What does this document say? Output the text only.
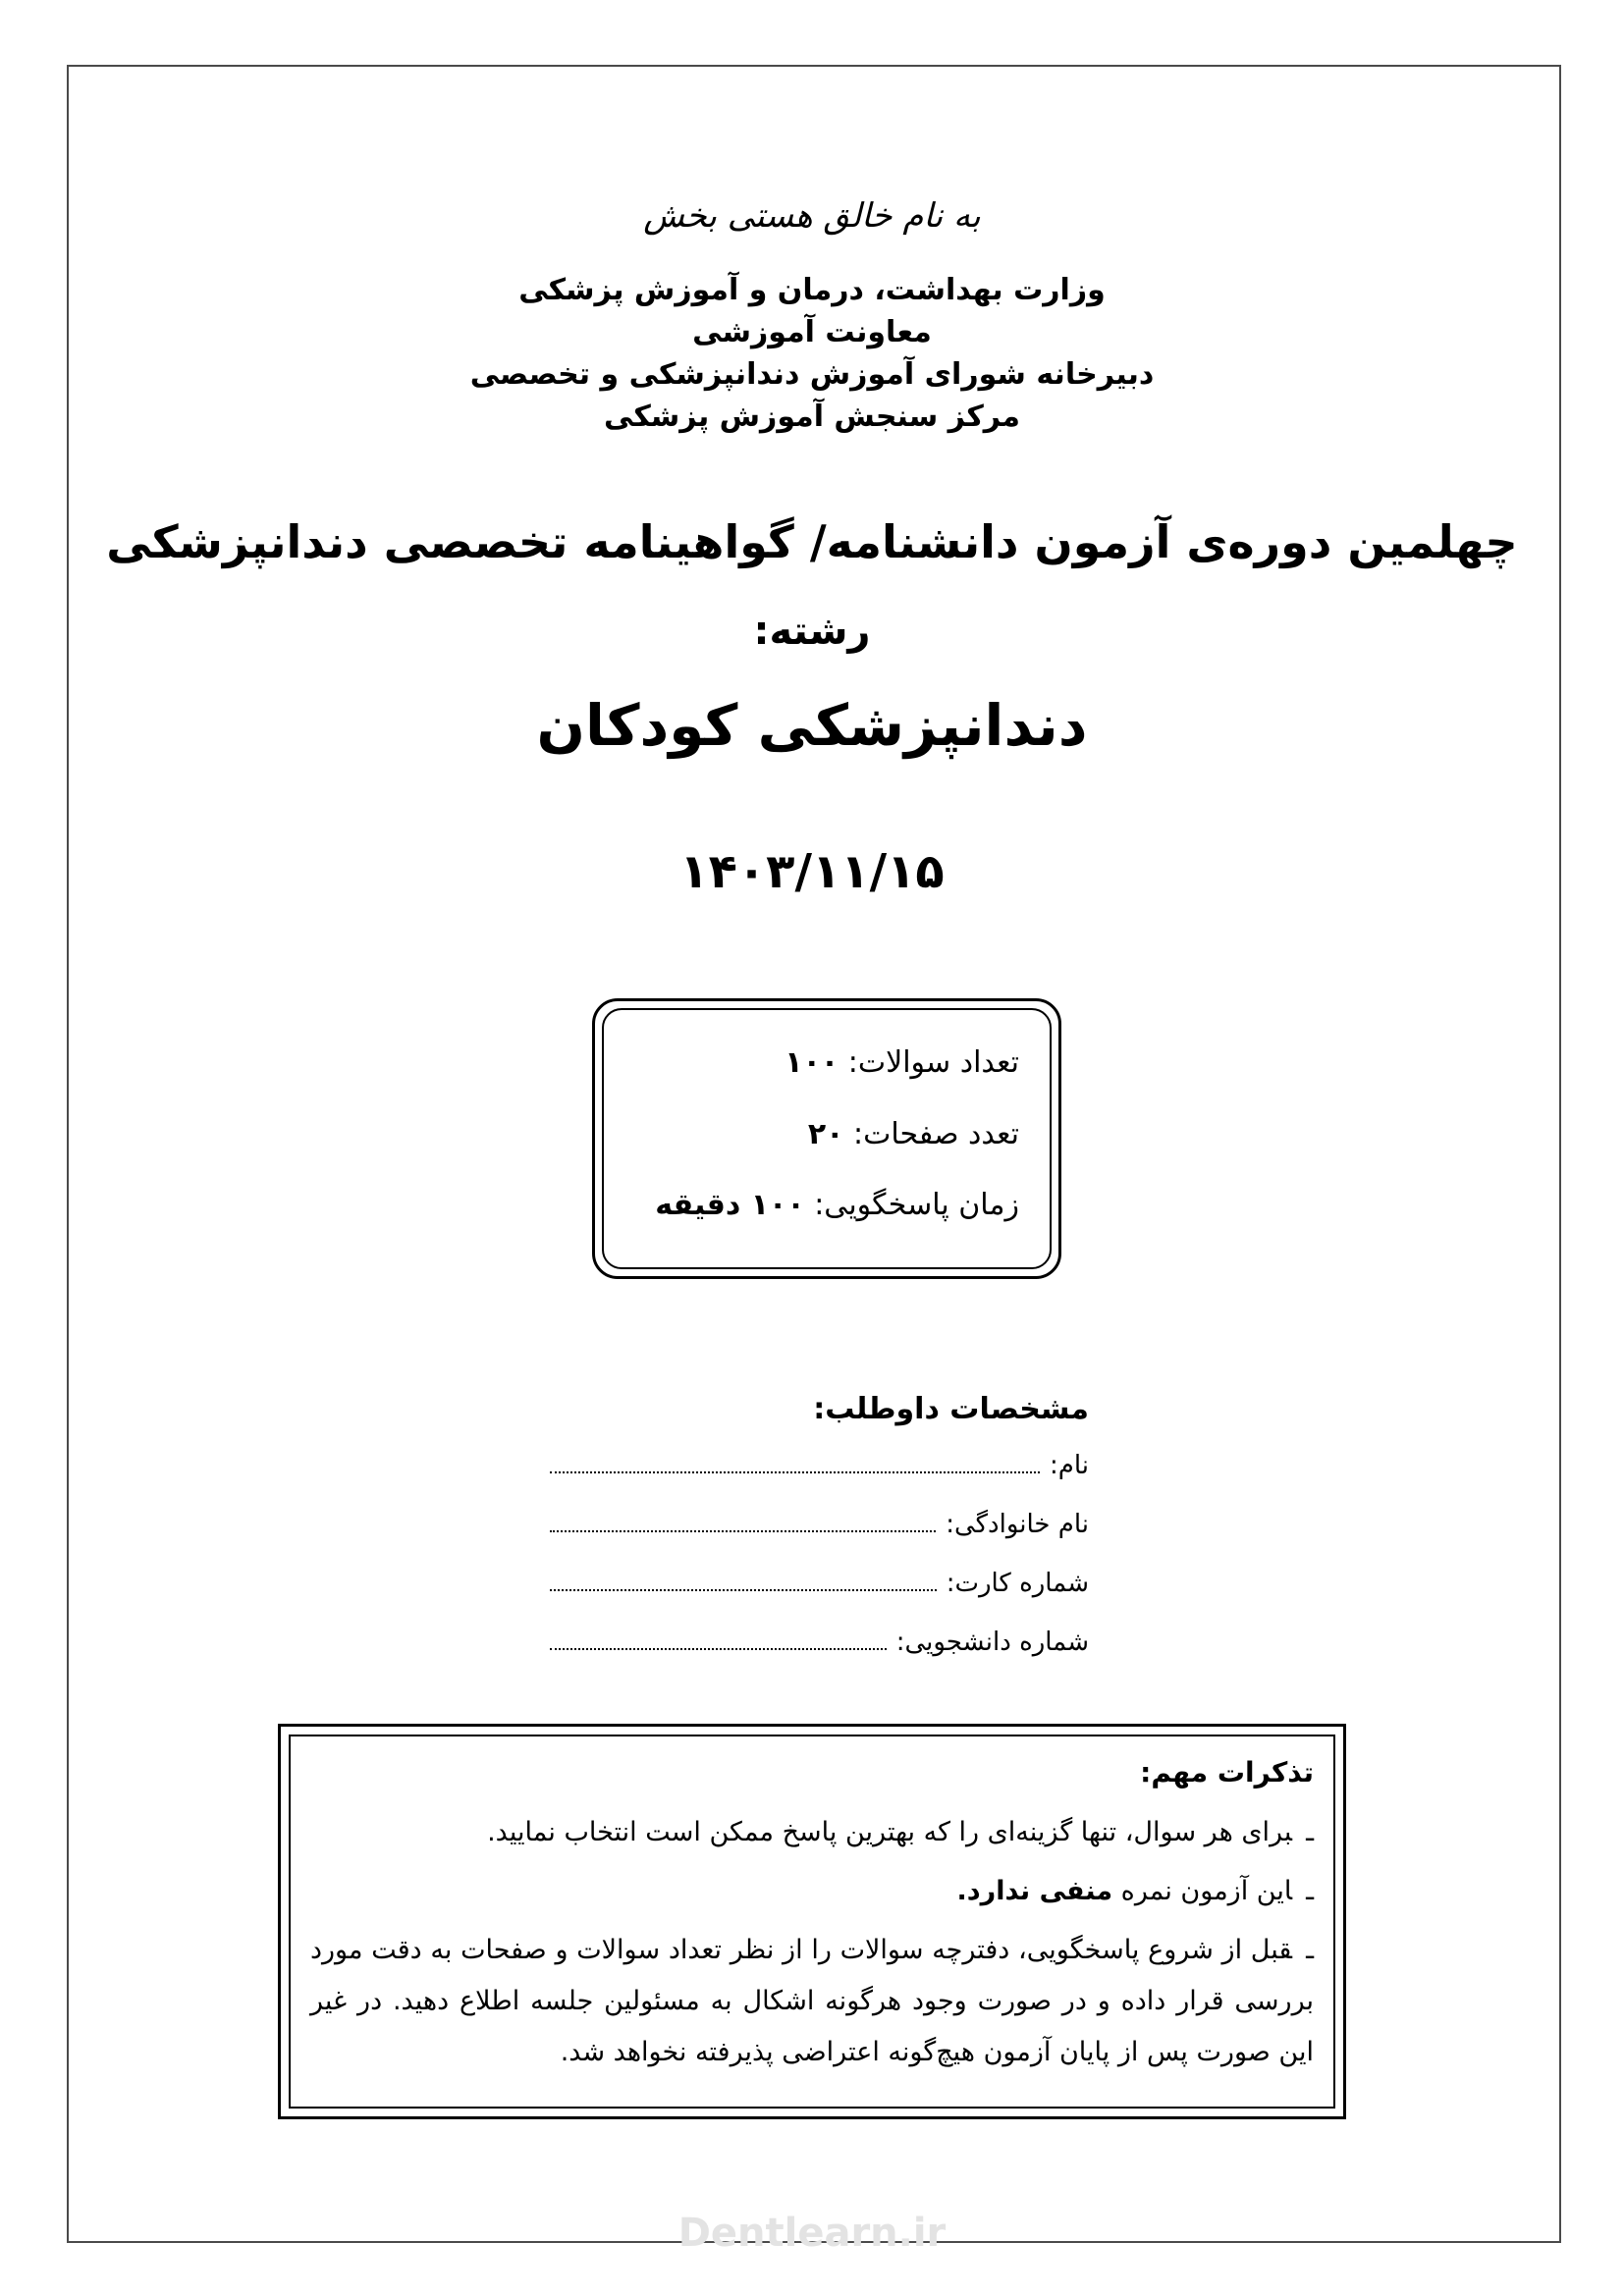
به نام خالق هستی بخش
وزارت بهداشت، درمان و آموزش پزشکی
معاونت آموزشی
دبیرخانه شورای آموزش دندانپزشکی و تخصصی
مرکز سنجش آموزش پزشکی
چهلمین دوره‌ی آزمون دانشنامه/ گواهینامه تخصصی دندانپزشکی
رشته:
دندانپزشکی کودکان
۱۴۰۳/۱۱/۱۵
تعداد سوالات: ۱۰۰
تعدد صفحات: ۲۰
زمان پاسخگویی: ۱۰۰ دقیقه
مشخصات داوطلب:
نام:
نام خانوادگی:
شماره کارت:
شماره دانشجویی:
تذکرات مهم:
ـبرای هر سوال، تنها گزینه‌ای را که بهترین پاسخ ممکن است انتخاب نمایید.
ـاین آزمون نمره منفی ندارد.
ـقبل از شروع پاسخگویی، دفترچه سوالات را از نظر تعداد سوالات و صفحات به دقت مورد بررسی قرار داده و در صورت وجود هرگونه اشکال به مسئولین جلسه اطلاع دهید. در غیر این صورت پس از پایان آزمون هیچ‌گونه اعتراضی پذیرفته نخواهد شد.
Dentlearn.ir
